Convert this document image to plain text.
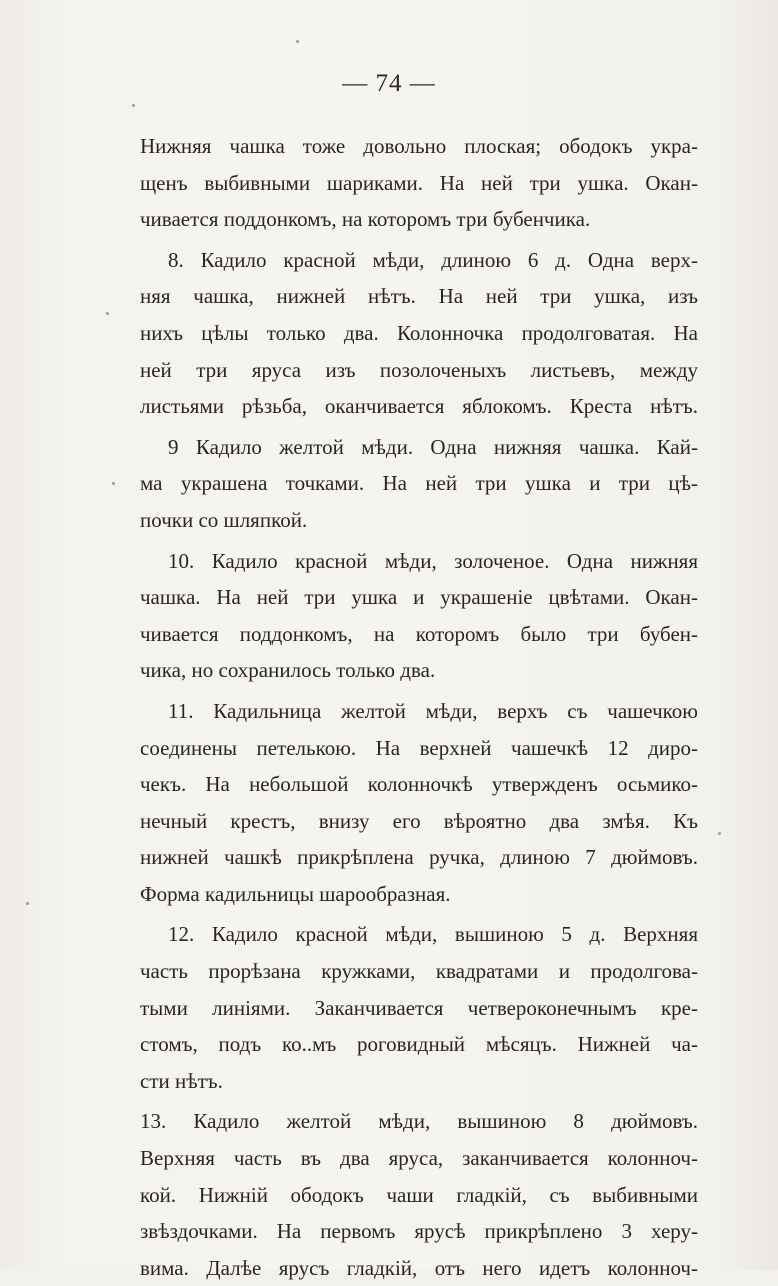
— 74 —
Нижняя чашка тоже довольно плоская; ободокъ укра-
щенъ выбивными шариками. На ней три ушка. Окан-
чивается поддонкомъ, на которомъ три бубенчика.
8. Кадило красной мѣди, длиною 6 д. Одна верх-
няя чашка, нижней нѣтъ. На ней три ушка, изъ
нихъ цѣлы только два. Колонночка продолговатая. На
ней три яруса изъ позолоченыхъ листьевъ, между
листьями рѣзьба, оканчивается яблокомъ. Креста нѣтъ.
9 Кадило желтой мѣди. Одна нижняя чашка. Кай-
ма украшена точками. На ней три ушка и три цѣ-
почки со шляпкой.
10. Кадило красной мѣди, золоченое. Одна нижняя
чашка. На ней три ушка и украшеніе цвѣтами. Окан-
чивается поддонкомъ, на которомъ было три бубен-
чика, но сохранилось только два.
11. Кадильница желтой мѣди, верхъ съ чашечкою
соединены петелькою. На верхней чашечкѣ 12 диро-
чекъ. На небольшой колонночкѣ утвержденъ осьмико-
нечный крестъ, внизу его вѣроятно два змѣя. Къ
нижней чашкѣ прикрѣплена ручка, длиною 7 дюймовъ.
Форма кадильницы шарообразная.
12. Кадило красной мѣди, вышиною 5 д. Верхняя
часть прорѣзана кружками, квадратами и продолгова-
тыми линіями. Заканчивается четвероконечнымъ кре-
стомъ, подъ ко..мъ роговидный мѣсяцъ. Нижней ча-
сти нѣтъ.
13. Кадило желтой мѣди, вышиною 8 дюймовъ.
Верхняя часть въ два яруса, заканчивается колонноч-
кой. Нижній ободокъ чаши гладкій, съ выбивными
звѣздочками. На первомъ ярусѣ прикрѣплено 3 херу-
вима. Далѣе ярусъ гладкій, отъ него идетъ колонноч-
